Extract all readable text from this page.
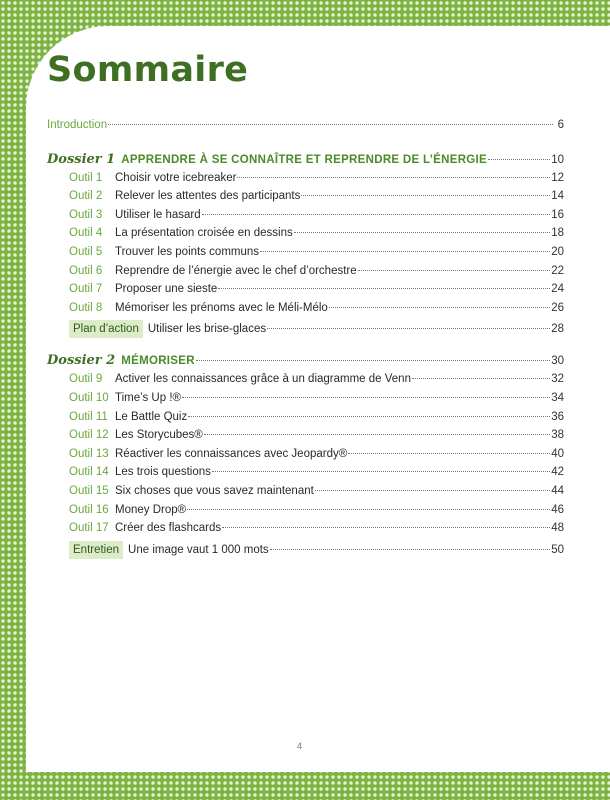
Sommaire
Introduction	6
Dossier 1 APPRENDRE À SE CONNAÎTRE ET REPRENDRE DE L’ÉNERGIE	10
Outil 1	Choisir votre icebreaker	12
Outil 2	Relever les attentes des participants	14
Outil 3	Utiliser le hasard	16
Outil 4	La présentation croisée en dessins	18
Outil 5	Trouver les points communs	20
Outil 6	Reprendre de l’énergie avec le chef d’orchestre	22
Outil 7	Proposer une sieste	24
Outil 8	Mémoriser les prénoms avec le Méli-Mélo	26
Plan d’action Utiliser les brise-glaces	28
Dossier 2 MÉMORISER	30
Outil 9	Activer les connaissances grâce à un diagramme de Venn	32
Outil 10 Time’s Up !®	34
Outil 11 Le Battle Quiz	36
Outil 12 Les Storycubes®	38
Outil 13 Réactiver les connaissances avec Jeopardy®	40
Outil 14 Les trois questions	42
Outil 15 Six choses que vous savez maintenant	44
Outil 16 Money Drop®	46
Outil 17 Créer des flashcards	48
Entretien Une image vaut 1 000 mots	50
4
